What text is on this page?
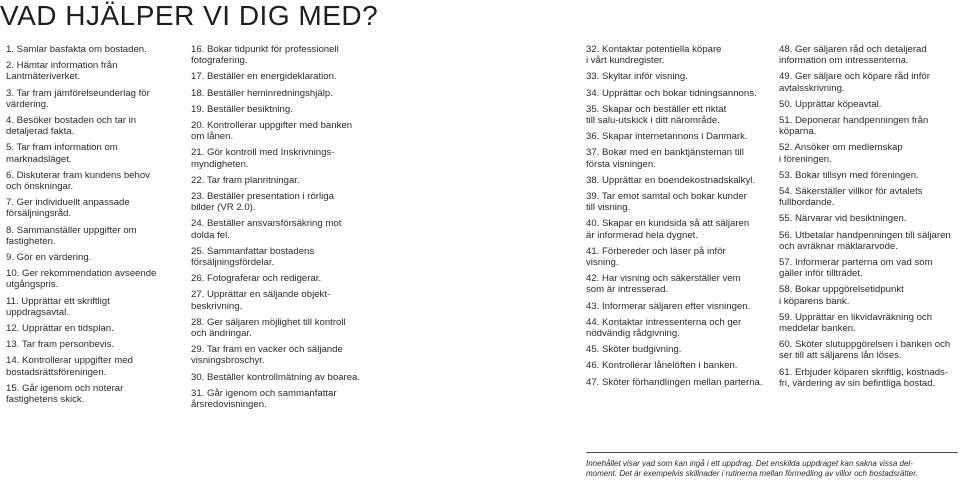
VAD HJÄLPER VI DIG MED?
1. Samlar basfakta om bostaden.
2. Hämtar information från
Lantmäteriverket.
3. Tar fram jämförelseunderlag för
värdering.
4. Besöker bostaden och tar in
detaljerad fakta.
5. Tar fram information om
marknadsläget.
6. Diskuterar fram kundens behov
och önskningar.
7. Ger individuellt anpassade
försäljningsråd.
8. Sammanställer uppgifter om
fastigheten.
9. Gör en värdering.
10. Ger rekommendation avseende
utgångspris.
11. Upprättar ett skriftligt
uppdragsavtal.
12. Upprättar en tidsplan.
13. Tar fram personbevis.
14. Kontrollerar uppgifter med
bostadsrättsföreningen.
15. Går igenom och noterar
fastighetens skick.
16. Bokar tidpunkt för professionell
fotografering.
17. Beställer en energideklaration.
18. Beställer heminredningshjälp.
19. Beställer besiktning.
20. Kontrollerar uppgifter med banken
om lånen.
21. Gör kontroll med Inskrivnings-
myndigheten.
22. Tar fram planritningar.
23. Beställer presentation i rörliga
bilder (VR 2.0).
24. Beställer ansvarsförsäkring mot
dolda fel.
25. Sammanfattar bostadens
försäljningsfördelar.
26. Fotograferar och redigerar.
27. Upprättar en säljande objekt-
beskrivning.
28. Ger säljaren möjlighet till kontroll
och ändringar.
29. Tar fram en vacker och säljande
visningsbroschyr.
30. Beställer kontrollmätning av boarea.
31. Går igenom och sammanfattar
årsredovisningen.
32. Kontaktar potentiella köpare
i vårt kundregister.
33. Skyltar inför visning.
34. Upprättar och bokar tidningsannons.
35. Skapar och beställer ett riktat
till salu-utskick i ditt närområde.
36. Skapar internetannons i Danmark.
37. Bokar med en banktjänsteman till
första visningen.
38. Upprättar en boendekostnadskalkyl.
39. Tar emot samtal och bokar kunder
till visning.
40. Skapar en kundsida så att säljaren
är informerad hela dygnet.
41. Förbereder och läser på inför
visning.
42. Har visning och säkerställer vem
som är intresserad.
43. Informerar säljaren efter visningen.
44. Kontaktar intressenterna och ger
nödvändig rådgivning.
45. Sköter budgivning.
46. Kontrollerar lånelöften i banken.
47. Sköter förhandlingen mellan parterna.
48. Ger säljaren råd och detaljerad
information om intressenterna.
49. Ger säljare och köpare råd inför
avtalsskrivning.
50. Upprättar köpeavtal.
51. Deponerar handpenningen från
köparna.
52. Ansöker om medlemskap
i föreningen.
53. Bokar tillsyn med föreningen.
54. Säkerställer villkor för avtalets
fullbordande.
55. Närvarar vid besiktningen.
56. Utbetalar handpenningen till säljaren
och avräknar mäklararvode.
57. Informerar parterna om vad som
gäller inför tillträdet.
58. Bokar uppgörelsetidpunkt
i köparens bank.
59. Upprättar en likvidavräkning och
meddelar banken.
60. Sköter slutuppgörelsen i banken och
ser till att säljarens lån löses.
61. Erbjuder köparen skriftlig, kostnads-
fri, värdering av sin befintliga bostad.

Innehållet visar vad som kan ingå i ett uppdrag. Det enskilda uppdraget kan sakna vissa del-
moment. Det är exempelvis skillnader i rutinerna mellan förmedling av villor och bostadsrätter.
